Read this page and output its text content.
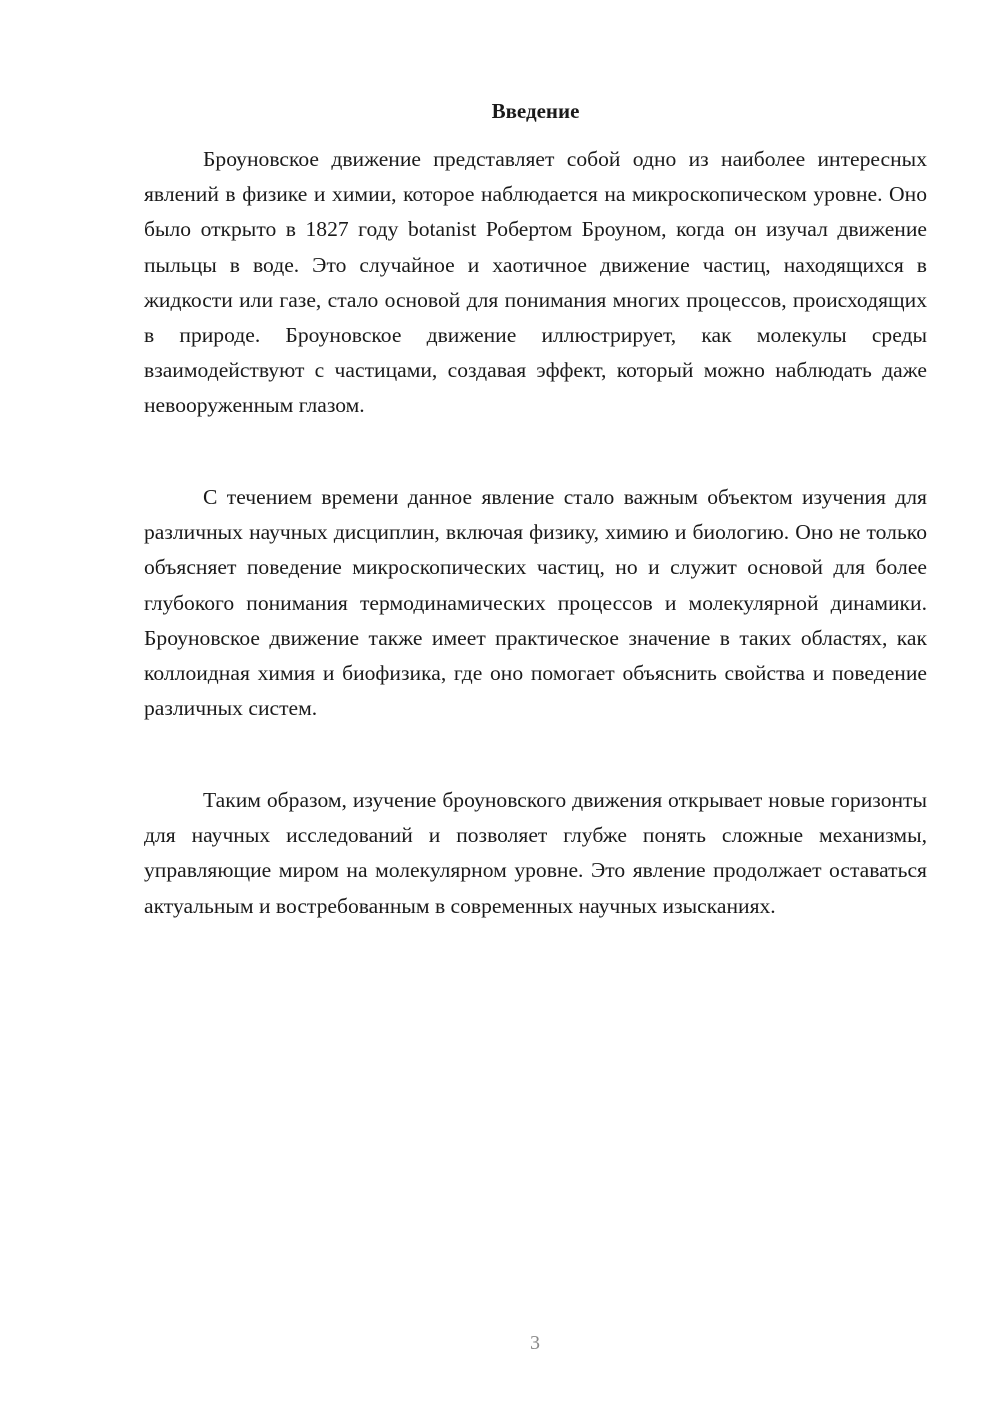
Введение

Броуновское движение представляет собой одно из наиболее интересных явлений в физике и химии, которое наблюдается на микроскопическом уровне. Оно было открыто в 1827 году botanist Робертом Броуном, когда он изучал движение пыльцы в воде. Это случайное и хаотичное движение частиц, находящихся в жидкости или газе, стало основой для понимания многих процессов, происходящих в природе. Броуновское движение иллюстрирует, как молекулы среды взаимодействуют с частицами, создавая эффект, который можно наблюдать даже невооруженным глазом.

С течением времени данное явление стало важным объектом изучения для различных научных дисциплин, включая физику, химию и биологию. Оно не только объясняет поведение микроскопических частиц, но и служит основой для более глубокого понимания термодинамических процессов и молекулярной динамики. Броуновское движение также имеет практическое значение в таких областях, как коллоидная химия и биофизика, где оно помогает объяснить свойства и поведение различных систем.

Таким образом, изучение броуновского движения открывает новые горизонты для научных исследований и позволяет глубже понять сложные механизмы, управляющие миром на молекулярном уровне. Это явление продолжает оставаться актуальным и востребованным в современных научных изысканиях.

3
